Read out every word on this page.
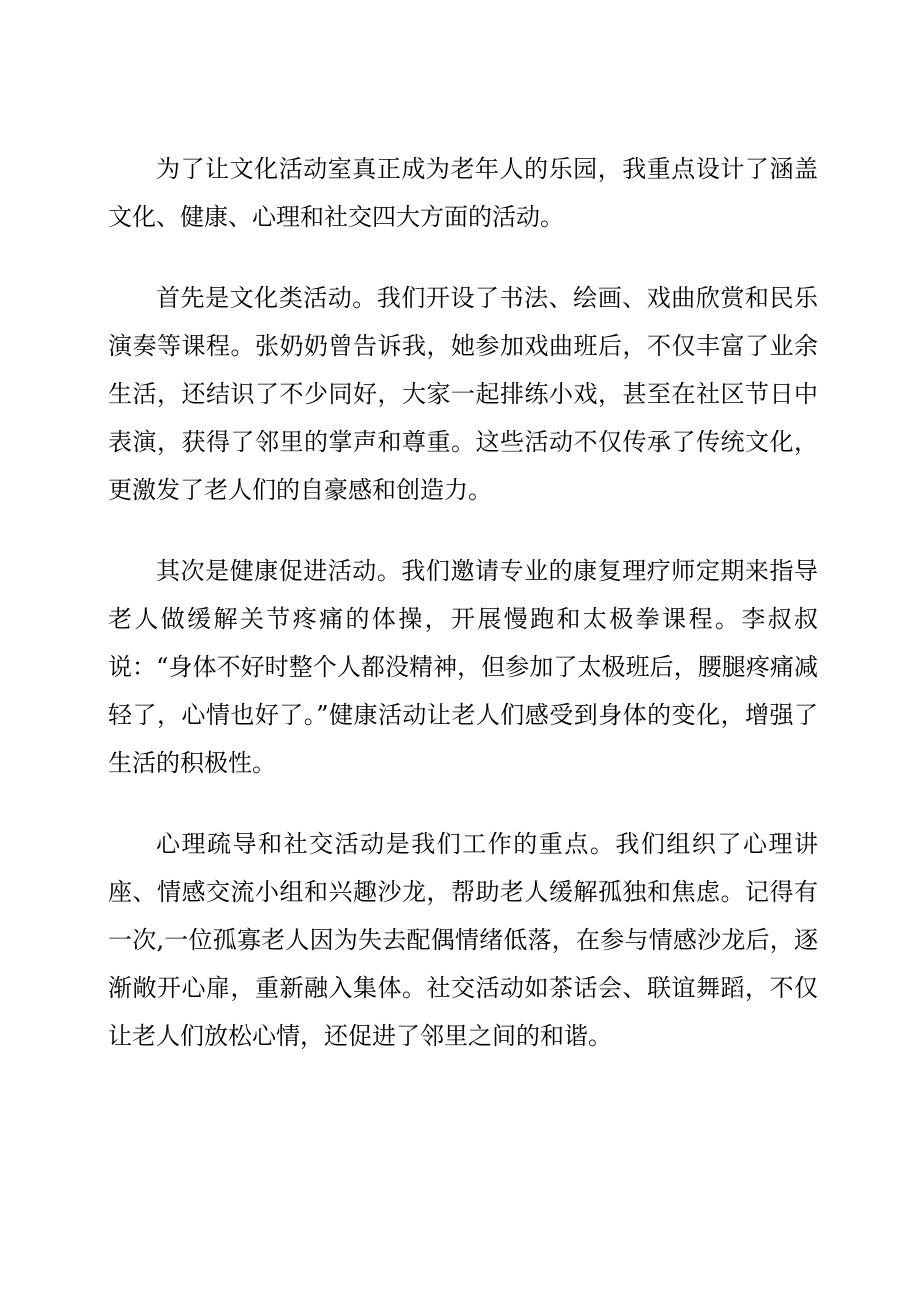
为了让文化活动室真正成为老年人的乐园，我重点设计了涵盖文化、健康、心理和社交四大方面的活动。

首先是文化类活动。我们开设了书法、绘画、戏曲欣赏和民乐演奏等课程。张奶奶曾告诉我，她参加戏曲班后，不仅丰富了业余生活，还结识了不少同好，大家一起排练小戏，甚至在社区节日中表演，获得了邻里的掌声和尊重。这些活动不仅传承了传统文化，更激发了老人们的自豪感和创造力。

其次是健康促进活动。我们邀请专业的康复理疗师定期来指导老人做缓解关节疼痛的体操，开展慢跑和太极拳课程。李叔叔说：“身体不好时整个人都没精神，但参加了太极班后，腰腿疼痛减轻了，心情也好了。”健康活动让老人们感受到身体的变化，增强了生活的积极性。

心理疏导和社交活动是我们工作的重点。我们组织了心理讲座、情感交流小组和兴趣沙龙，帮助老人缓解孤独和焦虑。记得有一次,一位孤寡老人因为失去配偶情绪低落，在参与情感沙龙后，逐渐敞开心扉，重新融入集体。社交活动如茶话会、联谊舞蹈，不仅让老人们放松心情，还促进了邻里之间的和谐。
